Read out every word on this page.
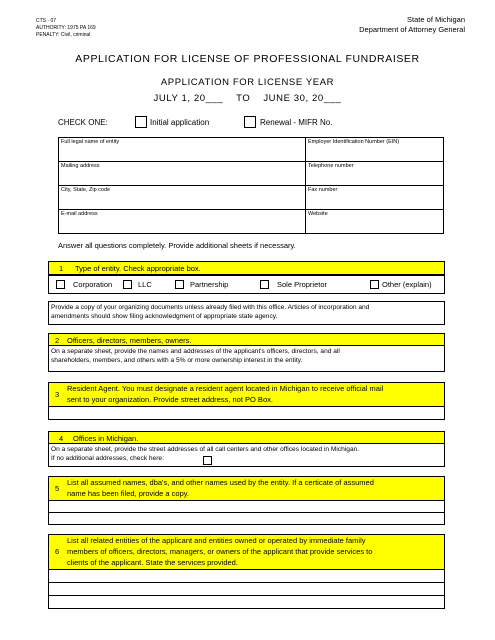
CTS - 07
AUTHORITY: 1975 PA 169
PENALTY: Civil, criminal
State of Michigan
Department of Attorney General
APPLICATION FOR LICENSE OF PROFESSIONAL FUNDRAISER
APPLICATION FOR LICENSE YEAR
JULY 1, 20___ TO JUNE 30, 20___
CHECK ONE:	Initial application	Renewal - MIFR No.
Full legal name of entity	Employer Identification Number (EIN)
Mailing address	Telephone number
City, State, Zip code	Fax number
E-mail address	Website
Answer all questions completely. Provide additional sheets if necessary.
1 Type of entity. Check appropriate box.
Corporation	LLC	Partnership	Sole Proprietor	Other (explain)
Provide a copy of your organizing documents unless already filed with this office. Articles of incorporation and
amendments should show filing acknowledgment of appropriate state agency.
2 Officers, directors, members, owners.
On a separate sheet, provide the names and addresses of the applicant's officers, directors, and all
shareholders, members, and others with a 5% or more ownership interest in the entity.
3
Resident Agent. You must designate a resident agent located in Michigan to receive official mail
sent to your organization. Provide street address, not PO Box.
4 Offices in Michigan.
On a separate sheet, provide the street addresses of all call centers and other offices located in Michigan.
If no additional addresses, check here:
5
List all assumed names, dba's, and other names used by the entity. If a certicate of assumed
name has been filed, provide a copy.
6
List all related entities of the applicant and entities owned or operated by immediate family
members of officers, directors, managers, or owners of the applicant that provide services to
clients of the applicant. State the services provided.
